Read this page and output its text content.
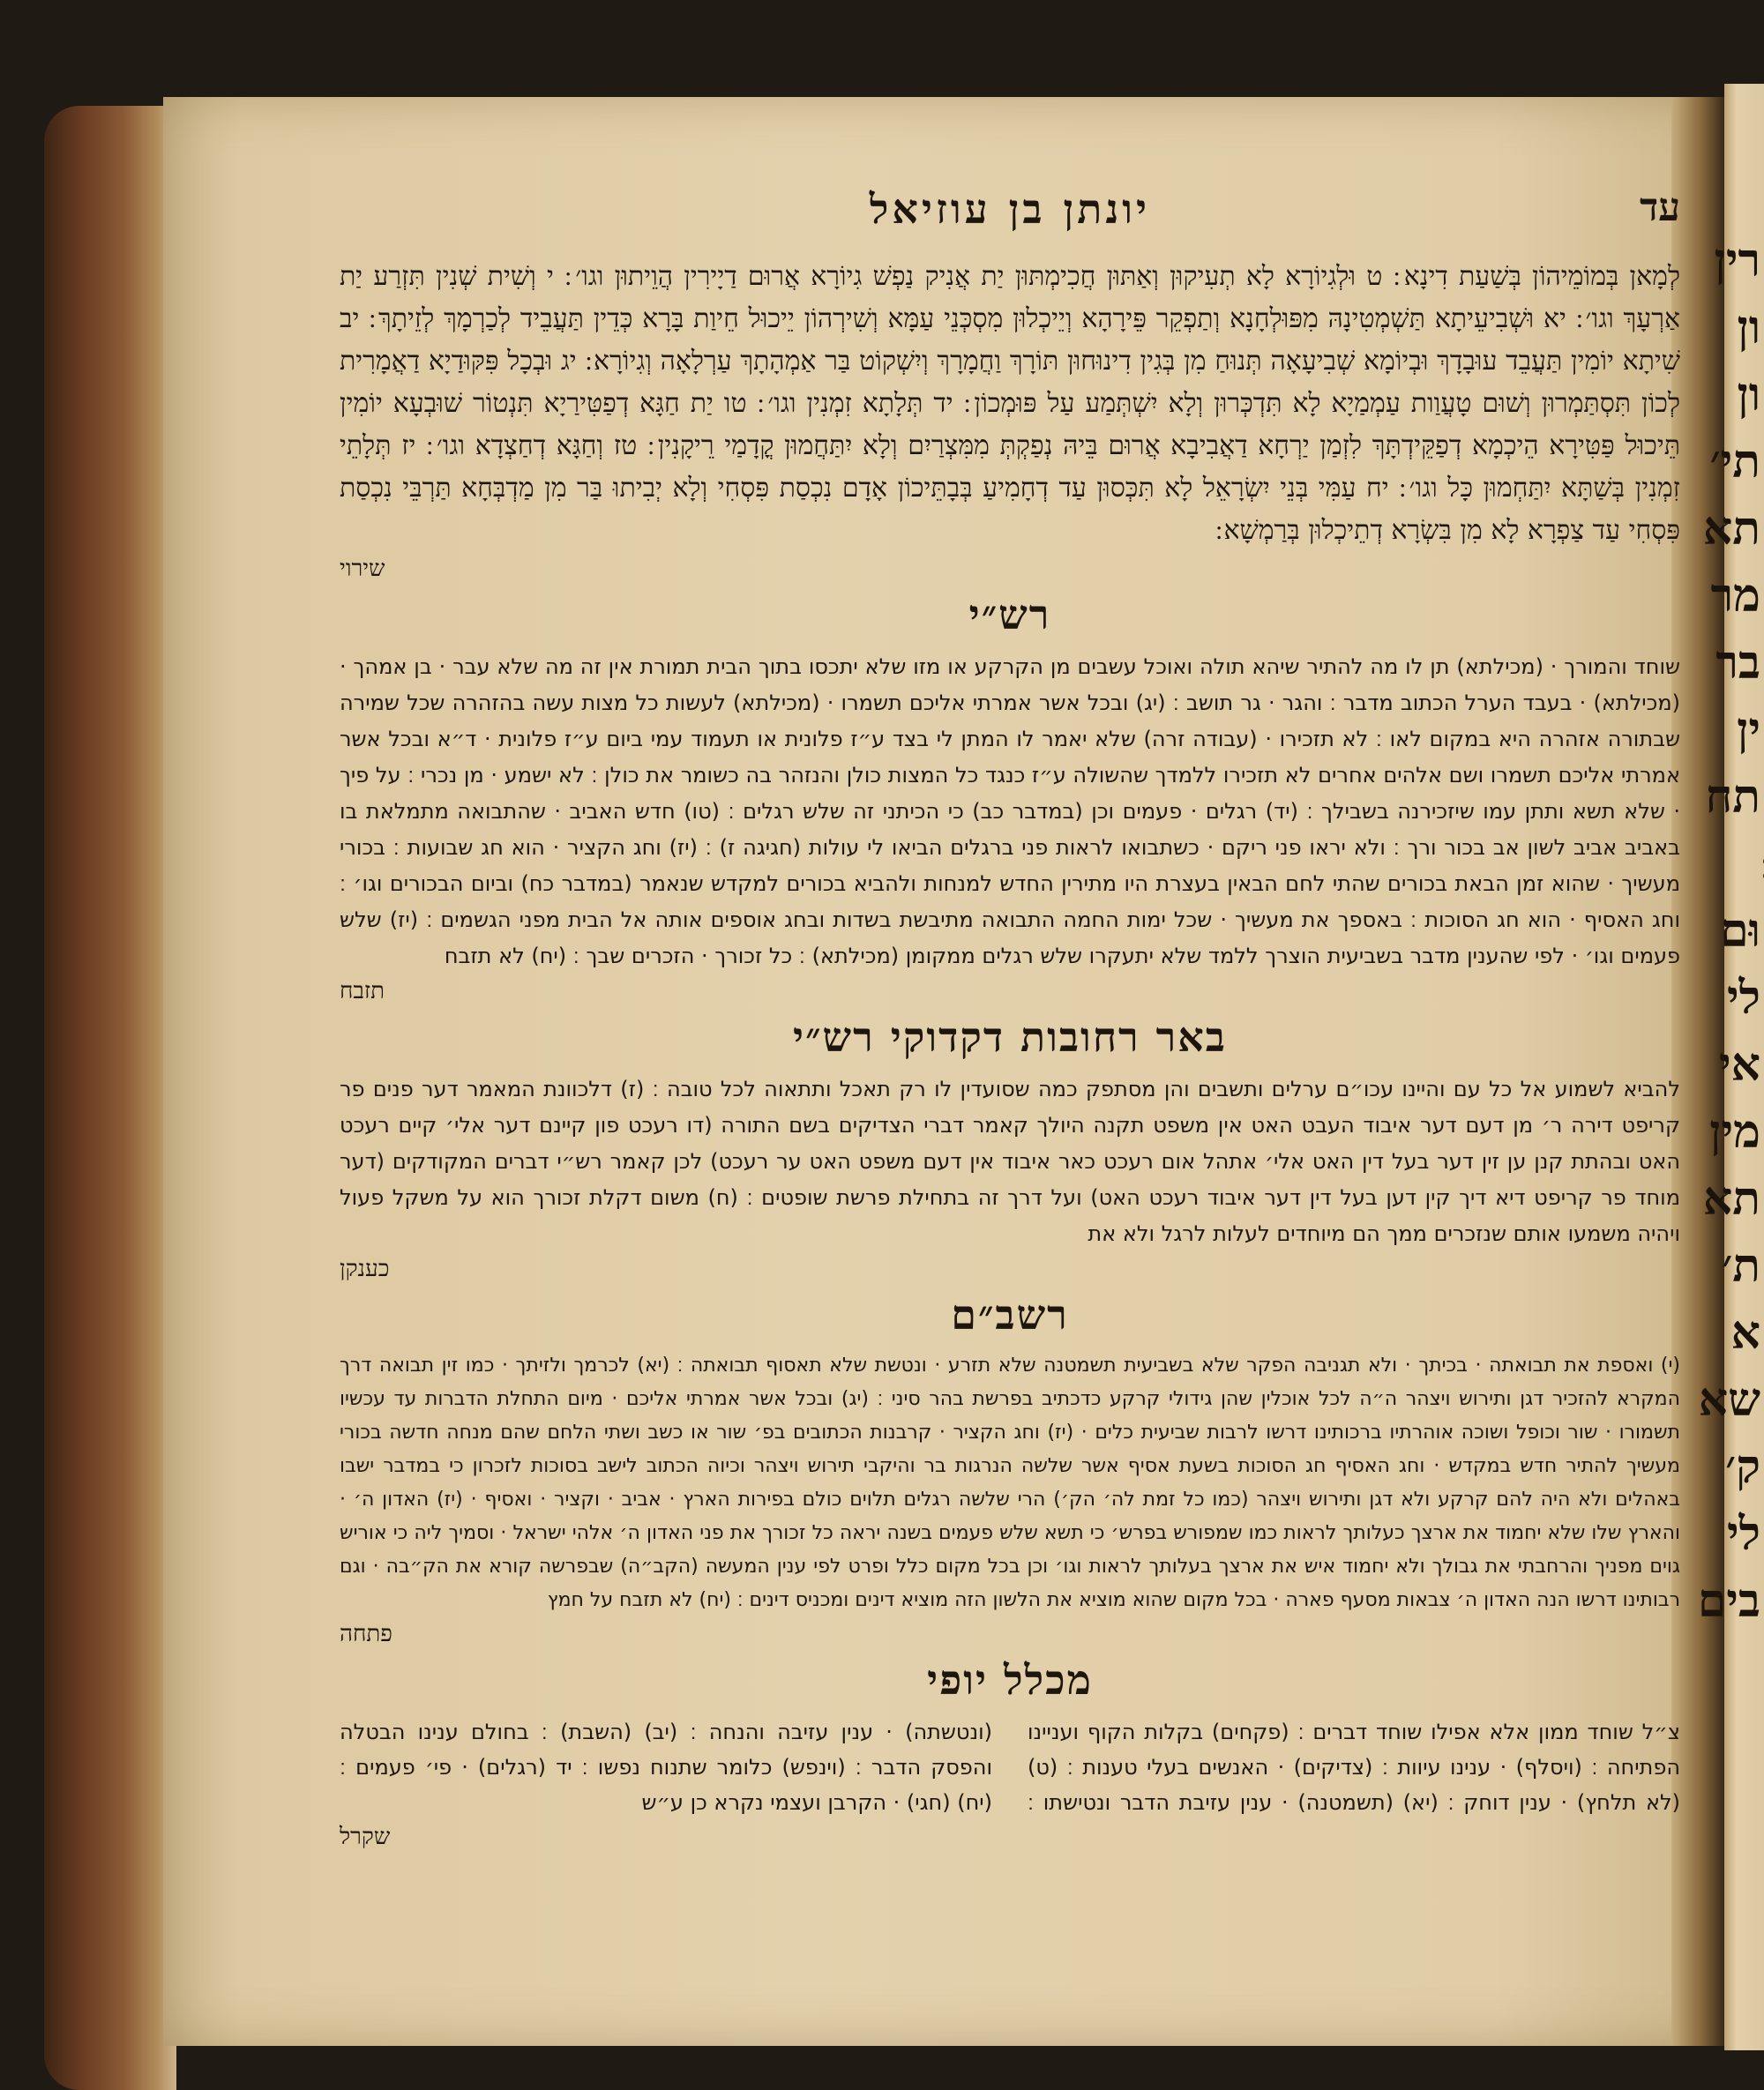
רין
ון
ון
תי׳
תא
מר
בר
ין
תח
וּם
לי
אי
מין
תא
ת׳
א
שא
ק׳
לי
בים
עד
יונתן בן עוזיאל
לְמָאן בְּמוֹמֵיהוֹן בְּשַׁעַת דִינָא ׃ ט וּלְגִיוֹרָא לָא תְעִיקוּן וְאַתּוּן חֲכִימְתּוּן יַת אֲנִיק נַפְשׁ גִיוֹרָא אֲרוּם דַיָירִין הֲוֵיתוּן וגו׳ ׃ י וְשִׁית שְׁנִין תִּזְרַע יַת אַרְעָךְ וגו׳ ׃ יא וּשְׁבִיעֵיתָא תַּשְׁמְטִינָהּ מִפּוּלְחָנָא וְתַפְקֵר פֵּירָהָא וְיֵיכְלוּן מִסְכְּנֵי עַמָּא וְשִׁירְהוֹן יֵיכוּל חֵיוַת בָּרָא כְּדֵין תַּעֲבֵיד לְכַרְמָךְ לְזֵיתָךְ ׃ יב שִׁיתָא יוֹמִין תַּעֲבֵד עוּבָדָךְ וּבְיוֹמָא שְׁבִיעָאָה תְּנוּחַ מִן בְּגִין דִינוּחוּן תּוֹרָךְ וַחֲמָרָךְ וְיִשְׁקוֹט בַּר אַמְהָתָךְ עַרְלָאָה וְגִיוֹרָא ׃ יג וּבְכָל פִּקּוּדַיָא דַאֲמָרִית לְכוֹן תִּסְתַּמְרוּן וְשׁוּם טָעֲוַות עַמְמַיָא לָא תִּדְכְּרוּן וְלָא יִשְׁתְּמַע עַל פּוּמְכוֹן ׃ יד תְּלָתָא זִמְנִין וגו׳ ׃ טו יַת חַגָּא דְפַטִּירַיָא תִּנְטוֹר שׁוּבְעָא יוֹמִין תֵּיכוּל פַּטִּירָא הֵיכְמָא דְפַקֵּידְתָּךְ לִזְמַן יַרְחָא דַאֲבִיבָא אֲרוּם בֵּיהּ נְפַקְתְּ מִמִּצְרַיִם וְלָא יִתַּחֲמוּן קֳדָמַי רֵיקָנִין ׃ טז וְחַגָּא דְחַצְדָא וגו׳ ׃ יז תְּלָתֵי זִמְנִין בְּשַׁתָּא יִתַּחְמוּן כָּל וגו׳ ׃ יח עַמִּי בְּנֵי יִשְׂרָאֵל לָא תִּכְּסוּן עַד דְחָמִיעַ בְּבָתֵּיכוֹן אָדָם נִכְסַת פִּסְחִי וְלָא יְבִיתוּ בַּר מִן מַדְבְּחָא תַּרְבֵּי נִכְסַת פִּסְחִי עַד צַפְרָא לָא מִן בִּשְׂרָא דְתֵיכְלוּן בְּרַמְשָׁא ׃
שירוי
רש״י
שוחד והמורך · (מכילתא) תן לו מה להתיר שיהא תולה ואוכל עשבים מן הקרקע או מזו שלא יתכסו בתוך הבית תמורת אין זה מה שלא עבר · בן אמהך · (מכילתא) · בעבד הערל הכתוב מדבר ׃ והגר · גר תושב ׃ (יג) ובכל אשר אמרתי אליכם תשמרו · (מכילתא) לעשות כל מצות עשה בהזהרה שכל שמירה שבתורה אזהרה היא במקום לאו ׃ לא תזכירו · (עבודה זרה) שלא יאמר לו המתן לי בצד ע״ז פלונית או תעמוד עמי ביום ע״ז פלונית · ד״א ובכל אשר אמרתי אליכם תשמרו ושם אלהים אחרים לא תזכירו ללמדך שהשולה ע״ז כנגד כל המצות כולן והנזהר בה כשומר את כולן ׃ לא ישמע · מן נכרי ׃ על פיך · שלא תשא ותתן עמו שיזכירנה בשבילך ׃ (יד) רגלים · פעמים וכן (במדבר כב) כי הכיתני זה שלש רגלים ׃ (טו) חדש האביב · שהתבואה מתמלאת בו באביב אביב לשון אב בכור ורך ׃ ולא יראו פני ריקם · כשתבואו לראות פני ברגלים הביאו לי עולות (חגיגה ז) ׃ (יז) וחג הקציר · הוא חג שבועות ׃ בכורי מעשיך · שהוא זמן הבאת בכורים שהתי לחם הבאין בעצרת היו מתירין החדש למנחות ולהביא בכורים למקדש שנאמר (במדבר כח) וביום הבכורים וגו׳ ׃ וחג האסיף · הוא חג הסוכות ׃ באספך את מעשיך · שכל ימות החמה התבואה מתיבשת בשדות ובחג אוספים אותה אל הבית מפני הגשמים ׃ (יז) שלש פעמים וגו׳ · לפי שהענין מדבר בשביעית הוצרך ללמד שלא יתעקרו שלש רגלים ממקומן (מכילתא) ׃ כל זכורך · הזכרים שבך ׃ (יח) לא תזבח
תזבח
באר רחובות דקדוקי רש״י
להביא לשמוע אל כל עם והיינו עכו״ם ערלים ותשבים והן מסתפק כמה שסועדין לו רק תאכל ותתאוה לכל טובה ׃ (ז) דלכוונת המאמר דער פנים פר קריפט דירה ר׳ מן דעם דער איבוד העבט האט אין משפט תקנה היולך קאמר דברי הצדיקים בשם התורה (דו רעכט פון קיינם דער אלי׳ קיים רעכט האט ובהתת קנן ען זין דער בעל דין האט אלי׳ אתהל אום רעכט כאר איבוד אין דעם משפט האט ער רעכט) לכן קאמר רש״י דברים המקודקים (דער מוחד פר קריפט דיא דיך קין דען בעל דין דער איבוד רעכט האט) ועל דרך זה בתחילת פרשת שופטים ׃ (ח) משום דקלת זכורך הוא על משקל פעול ויהיה משמעו אותם שנזכרים ממך הם מיוחדים לעלות לרגל ולא את
כענקן
רשב״ם
(י) ואספת את תבואתה · בכיתך · ולא תגניבה הפקר שלא בשביעית תשמטנה שלא תזרע · ונטשת שלא תאסוף תבואתה ׃ (יא) לכרמך ולזיתך · כמו זין תבואה דרך המקרא להזכיר דגן ותירוש ויצהר ה״ה לכל אוכלין שהן גידולי קרקע כדכתיב בפרשת בהר סיני ׃ (יג) ובכל אשר אמרתי אליכם · מיום התחלת הדברות עד עכשיו תשמורו · שור וכופל ושוכה אוהרתיו ברכותינו דרשו לרבות שביעית כלים · (יז) וחג הקציר · קרבנות הכתובים בפ׳ שור או כשב ושתי הלחם שהם מנחה חדשה בכורי מעשיך להתיר חדש במקדש · וחג האסיף חג הסוכות בשעת אסיף אשר שלשה הנרגות בר והיקבי תירוש ויצהר וכיוה הכתוב לישב בסוכות לזכרון כי במדבר ישבו באהלים ולא היה להם קרקע ולא דגן ותירוש ויצהר (כמו כל זמת לה׳ הק׳) הרי שלשה רגלים תלוים כולם בפירות הארץ · אביב · וקציר · ואסיף · (יז) האדון ה׳ · והארץ שלו שלא יחמוד את ארצך כעלותך לראות כמו שמפורש בפרש׳ כי תשא שלש פעמים בשנה יראה כל זכורך את פני האדון ה׳ אלהי ישראל · וסמיך ליה כי אוריש גוים מפניך והרחבתי את גבולך ולא יחמוד איש את ארצך בעלותך לראות וגו׳ וכן בכל מקום כלל ופרט לפי ענין המעשה (הקב״ה) שבפרשה קורא את הק״בה · וגם רבותינו דרשו הנה האדון ה׳ צבאות מסעף פארה · בכל מקום שהוא מוציא את הלשון הזה מוציא דינים ומכניס דינים ׃ (יח) לא תזבח על חמץ
פתחה
מכלל יופי
צ״ל שוחד ממון אלא אפילו שוחד דברים ׃ (פקחים) בקלות הקוף ועניינו הפתיחה ׃ (ויסלף) · ענינו עיוות ׃ (צדיקים) · האנשים בעלי טענות ׃ (ט) (לא תלחץ) · ענין דוחק ׃ (יא) (תשמטנה) · ענין עזיבת הדבר ונטישתו ׃ (ונטשתה) · ענין עזיבה והנחה ׃ (יב) (השבת) ׃ בחולם ענינו הבטלה והפסק הדבר ׃ (וינפש) כלומר שתנוח נפשו ׃ יד (רגלים) · פי׳ פעמים ׃ (יח) (חגי) · הקרבן ועצמי נקרא כן ע״ש
שקרל
